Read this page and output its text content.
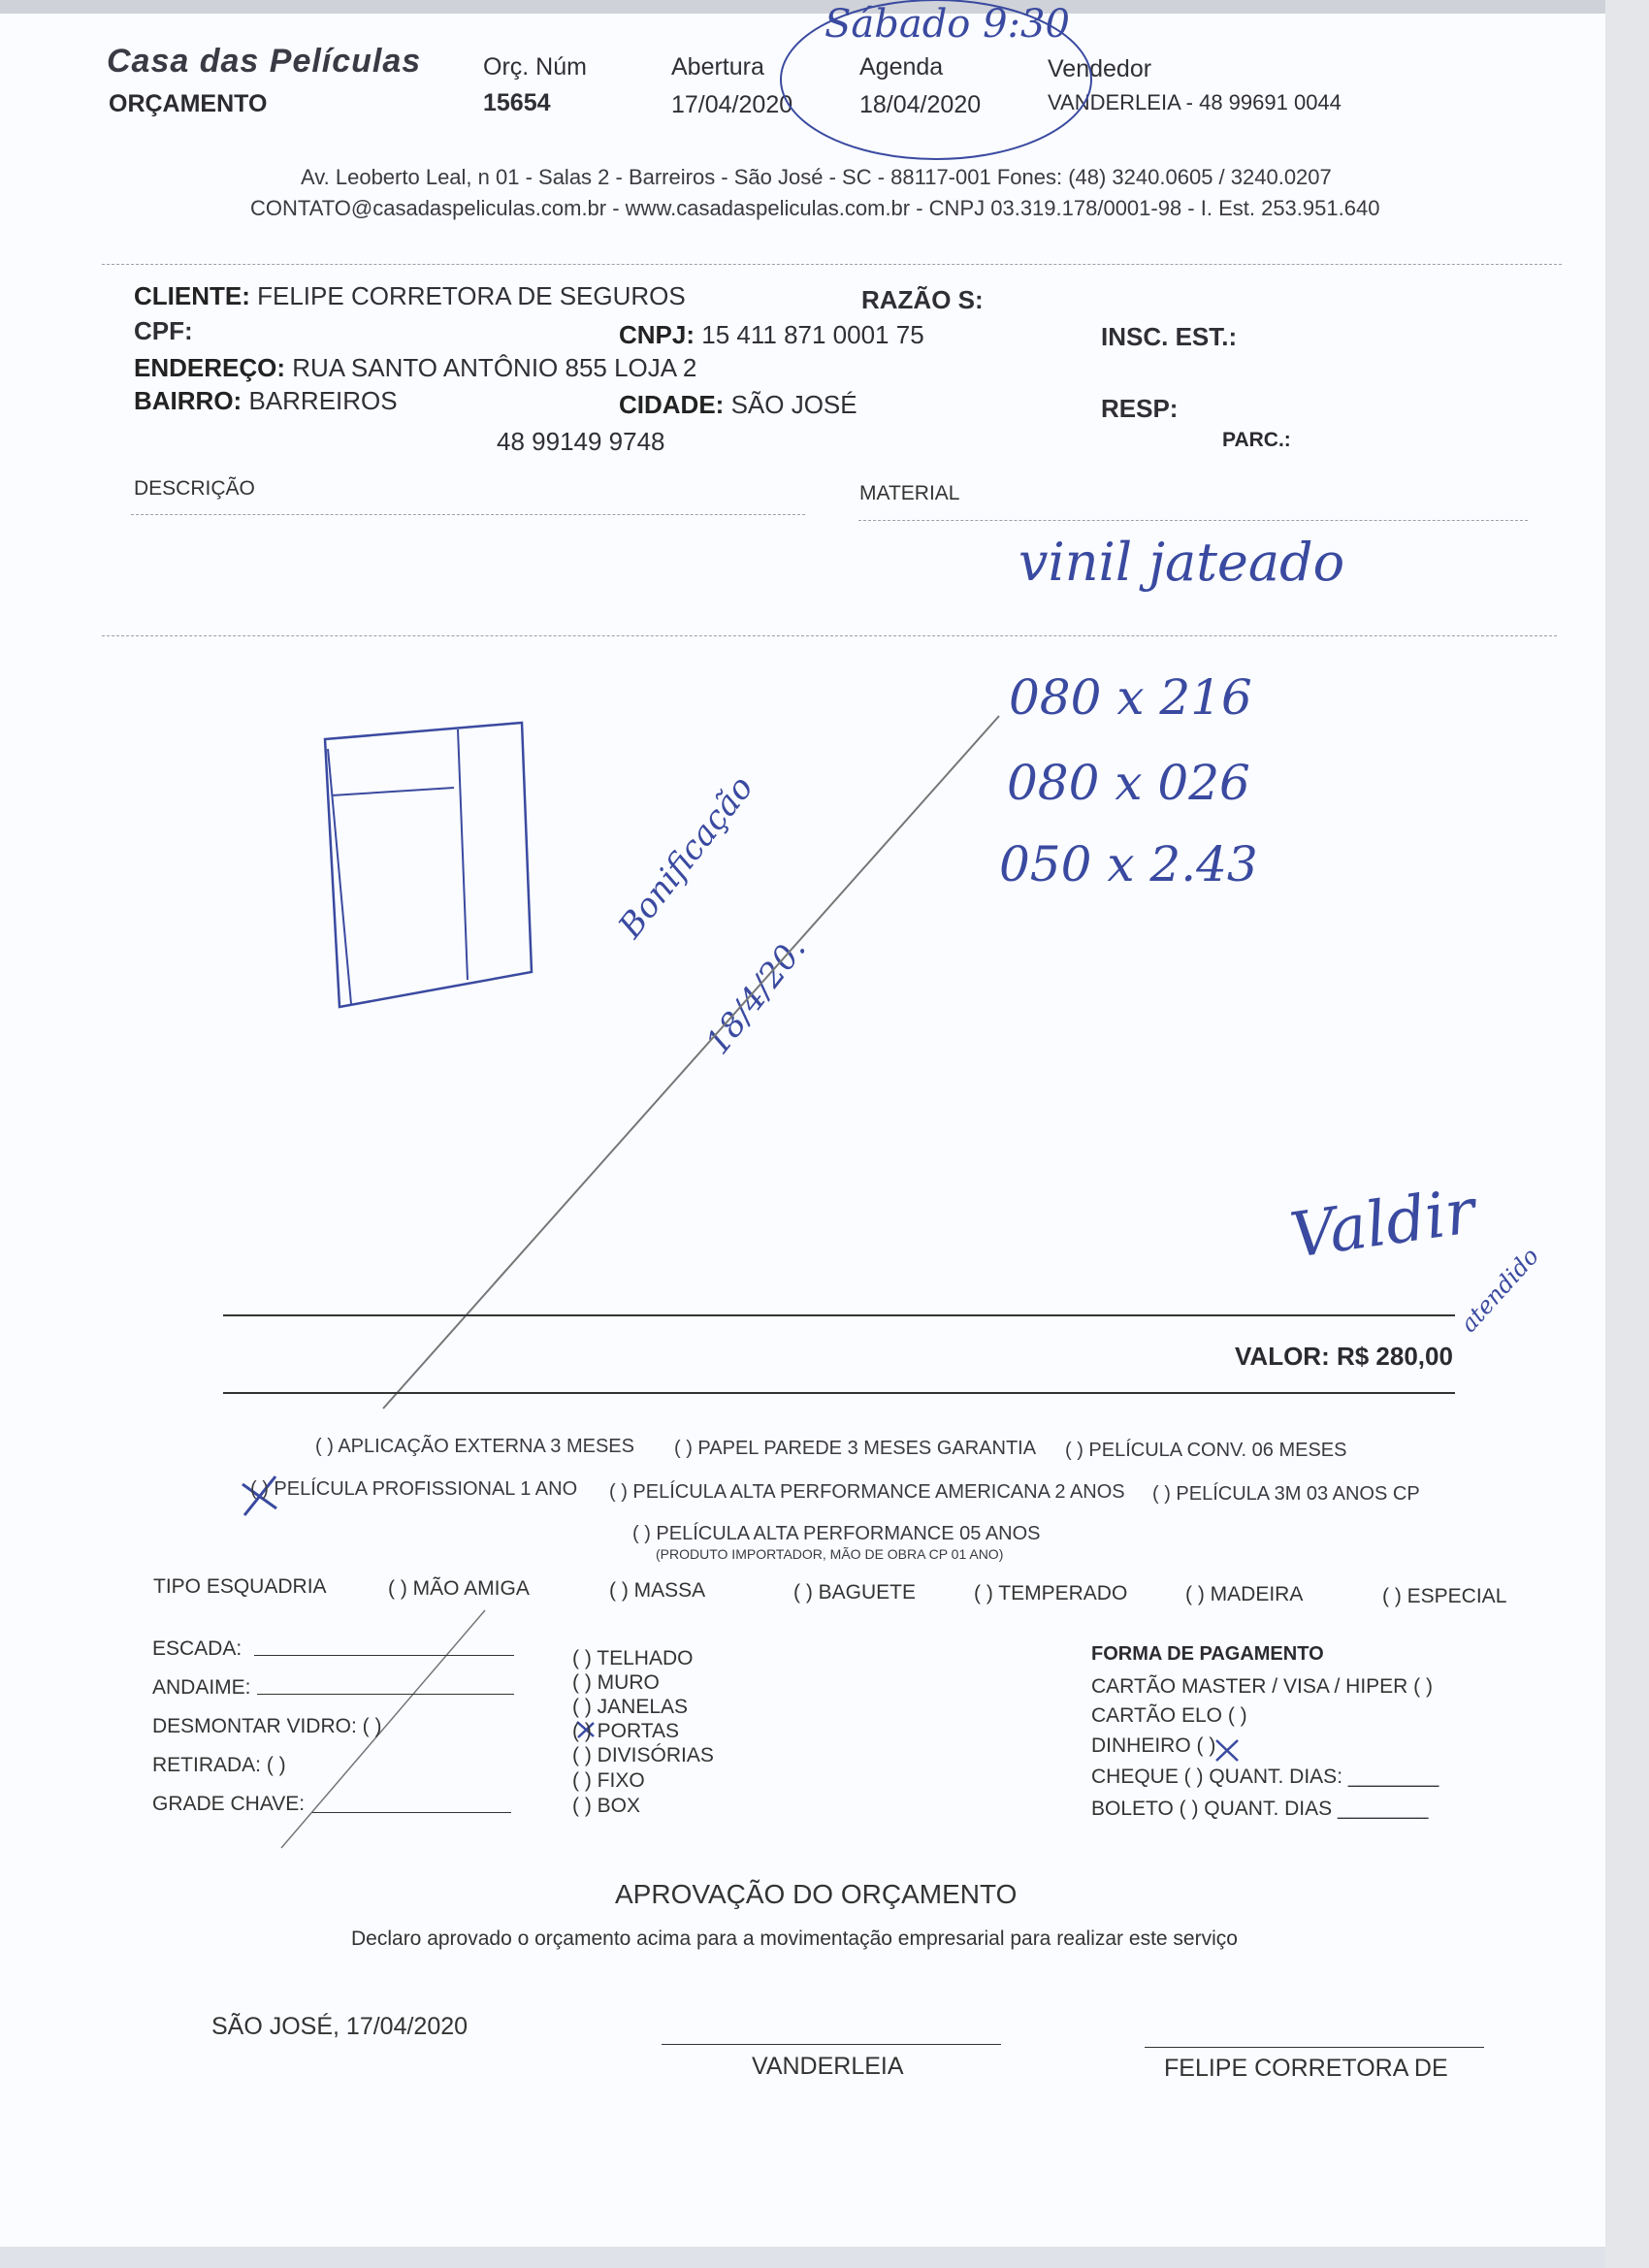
Casa das Películas
ORÇAMENTO
Orç. Núm
15654
Abertura
17/04/2020
Agenda
18/04/2020
Vendedor
VANDERLEIA - 48 99691 0044
Sábado 9:30
Av. Leoberto Leal, n 01 - Salas 2 - Barreiros - São José - SC - 88117-001 Fones: (48) 3240.0605 / 3240.0207
CONTATO@casadaspeliculas.com.br - www.casadaspeliculas.com.br - CNPJ 03.319.178/0001-98 - I. Est. 253.951.640
CLIENTE: FELIPE CORRETORA DE SEGUROS	RAZÃO S:
CPF:	CNPJ: 15 411 871 0001 75	INSC. EST.:
ENDEREÇO: RUA SANTO ANTÔNIO 855 LOJA 2
BAIRRO: BARREIROS	CIDADE: SÃO JOSÉ	RESP:
48 99149 9748	PARC.:
DESCRIÇÃO	MATERIAL
vinil jateado
080 x 216
080 x 026
050 x 2.43
Bonificação
18/4/20.
Valdir
atendido
VALOR: R$ 280,00
( ) APLICAÇÃO EXTERNA 3 MESES ( ) PAPEL PAREDE 3 MESES GARANTIA ( ) PELÍCULA CONV. 06 MESES
( ) PELÍCULA PROFISSIONAL 1 ANO ( ) PELÍCULA ALTA PERFORMANCE AMERICANA 2 ANOS ( ) PELÍCULA 3M 03 ANOS CP
( ) PELÍCULA ALTA PERFORMANCE 05 ANOS
(PRODUTO IMPORTADOR, MÃO DE OBRA CP 01 ANO)
TIPO ESQUADRIA	( ) MÃO AMIGA	( ) MASSA	( ) BAGUETE	( ) TEMPERADO	( ) MADEIRA	( ) ESPECIAL
ESCADA:
ANDAIME:
DESMONTAR VIDRO: ( )
RETIRADA: ( )
GRADE CHAVE:
( ) TELHADO
( ) MURO
( ) JANELAS
( ) PORTAS
( ) DIVISÓRIAS
( ) FIXO
( ) BOX
FORMA DE PAGAMENTO
CARTÃO MASTER / VISA / HIPER ( )
CARTÃO ELO ( )
DINHEIRO ( )
CHEQUE ( ) QUANT. DIAS: ________
BOLETO ( ) QUANT. DIAS ________
APROVAÇÃO DO ORÇAMENTO
Declaro aprovado o orçamento acima para a movimentação empresarial para realizar este serviço
SÃO JOSÉ, 17/04/2020
VANDERLEIA	FELIPE CORRETORA DE
